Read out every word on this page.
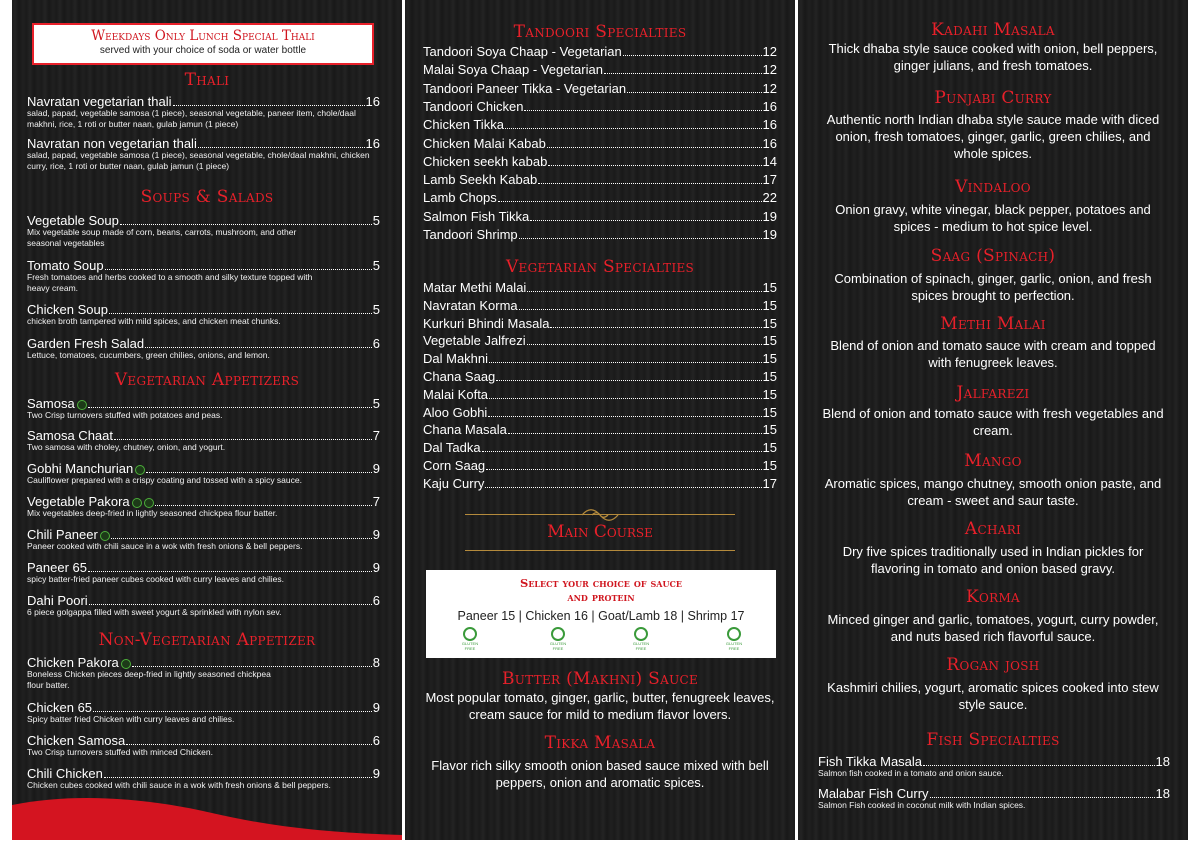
Weekdays Only Lunch Special Thali
served with your choice of soda or water bottle
Thali
Navratan vegetarian thali	16
salad, papad, vegetable samosa (1 piece), seasonal vegetable, paneer item, chole/daal makhni, rice, 1 roti or butter naan, gulab jamun (1 piece)
Navratan non vegetarian thali	16
salad, papad, vegetable samosa (1 piece), seasonal vegetable, chole/daal makhni, chicken curry, rice, 1 roti or butter naan, gulab jamun (1 piece)
Soups & Salads
Vegetable Soup	5
Mix vegetable soup made of corn, beans, carrots, mushroom, and other seasonal vegetables
Tomato Soup	5
Fresh tomatoes and herbs cooked to a smooth and silky texture topped with heavy cream.
Chicken Soup	5
chicken broth tampered with mild spices, and chicken meat chunks.
Garden Fresh Salad	6
Lettuce, tomatoes, cucumbers, green chilies, onions, and lemon.
Vegetarian Appetizers
Samosa	5
Two Crisp turnovers stuffed with potatoes and peas.
Samosa Chaat	7
Two samosa with choley, chutney, onion, and yogurt.
Gobhi Manchurian	9
Cauliflower prepared with a crispy coating and tossed with a spicy sauce.
Vegetable Pakora	7
Mix vegetables deep-fried in lightly seasoned chickpea flour batter.
Chili Paneer	9
Paneer cooked with chili sauce in a wok with fresh onions & bell peppers.
Paneer 65	9
spicy batter-fried paneer cubes cooked with curry leaves and chilies.
Dahi Poori	6
6 piece golgappa filled with sweet yogurt & sprinkled with nylon sev.
Non-Vegetarian Appetizer
Chicken Pakora	8
Boneless Chicken pieces deep-fried in lightly seasoned chickpea flour batter.
Chicken 65	9
Spicy batter fried Chicken with curry leaves and chilies.
Chicken Samosa	6
Two Crisp turnovers stuffed with minced Chicken.
Chili Chicken	9
Chicken cubes cooked with chili sauce in a wok with fresh onions & bell peppers.
Tandoori Specialties
Tandoori Soya Chaap - Vegetarian	12
Malai Soya Chaap - Vegetarian	12
Tandoori Paneer Tikka - Vegetarian	12
Tandoori Chicken	16
Chicken Tikka	16
Chicken Malai Kabab	16
Chicken seekh kabab	14
Lamb Seekh Kabab	17
Lamb Chops	22
Salmon Fish Tikka	19
Tandoori Shrimp	19
Vegetarian Specialties
Matar Methi Malai	15
Navratan Korma	15
Kurkuri Bhindi Masala	15
Vegetable Jalfrezi	15
Dal Makhni	15
Chana Saag	15
Malai Kofta	15
Aloo Gobhi	15
Chana Masala	15
Dal Tadka	15
Corn Saag	15
Kaju Curry	17
Main Course
Select your choice of sauce and protein
Paneer 15 | Chicken 16 | Goat/Lamb 18 | Shrimp 17
GLUTEN FREE
GLUTEN FREE
GLUTEN FREE
GLUTEN FREE
Butter (Makhni) Sauce
Most popular tomato, ginger, garlic, butter, fenugreek leaves, cream sauce for mild to medium flavor lovers.
Tikka Masala
Flavor rich silky smooth onion based sauce mixed with bell peppers, onion and aromatic spices.
Kadahi Masala
Thick dhaba style sauce cooked with onion, bell peppers, ginger julians, and fresh tomatoes.
Punjabi Curry
Authentic north Indian dhaba style sauce made with diced onion, fresh tomatoes, ginger, garlic, green chilies, and whole spices.
Vindaloo
Onion gravy, white vinegar, black pepper, potatoes and spices - medium to hot spice level.
Saag (Spinach)
Combination of spinach, ginger, garlic, onion, and fresh spices brought to perfection.
Methi Malai
Blend of onion and tomato sauce with cream and topped with fenugreek leaves.
Jalfarezi
Blend of onion and tomato sauce with fresh vegetables and cream.
Mango
Aromatic spices, mango chutney, smooth onion paste, and cream - sweet and saur taste.
Achari
Dry five spices traditionally used in Indian pickles for flavoring in tomato and onion based gravy.
Korma
Minced ginger and garlic, tomatoes, yogurt, curry powder, and nuts based rich flavorful sauce.
Rogan josh
Kashmiri chilies, yogurt, aromatic spices cooked into stew style sauce.
Fish Specialties
Fish Tikka Masala	18
Salmon fish cooked in a tomato and onion sauce.
Malabar Fish Curry	18
Salmon Fish cooked in coconut milk with Indian spices.
